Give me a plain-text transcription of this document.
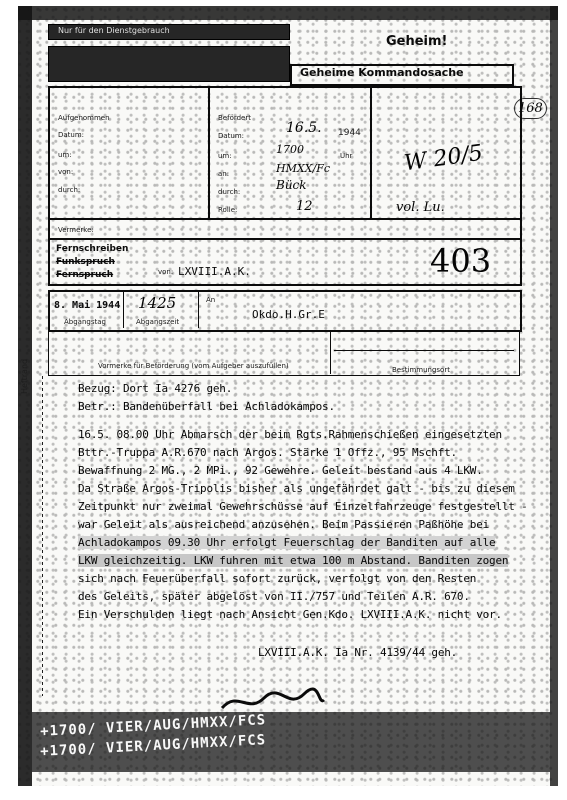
Nur für den Dienstgebrauch
Geheim!
Geheime Kommandosache
168
Aufgenommen
Datum:
um:
von:
durch:
Befördert
Datum:	16.5. 1944
um:	1700	Uhr
an:	HMXX/Fc
durch:	Bück
Rolle:	12
W 20/5
vol. Lu.
Vermerke:
Fernschreiben
Funkspruch
Fernspruch	von: LXVIII.A.K.	403
8. Mai 1944
Abgangstag
1425
Abgangszeit
An
Okdo.H.Gr.E
Vormerke für Beförderung (vom Aufgeber auszufüllen)	Bestimmungsort
Heftrand	Bezug: Dort Ia 4276 geh.
Betr.: Bandenüberfall bei Achladokampos.
16.5. 08.00 Uhr Abmarsch der beim Rgts.Rahmenschießen eingesetzten
Bttr.-Truppa A.R.670 nach Argos. Stärke 1 Offz., 95 Mschft.
Bewaffnung 2 MG., 2 MPi., 92 Gewehre. Geleit bestand aus 4 LKW.
Da Straße Argos-Tripolis bisher als ungefährdet galt - bis zu diesem
Zeitpunkt nur zweimal Gewehrschüsse auf Einzelfahrzeuge festgestellt -
war Geleit als ausreichend anzusehen. Beim Passieren Paßhöhe bei
Achladokampos 09.30 Uhr erfolgt Feuerschlag der Banditen auf alle
LKW gleichzeitig. LKW fuhren mit etwa 100 m Abstand. Banditen zogen
sich nach Feuerüberfall sofort zurück, verfolgt von den Resten
des Geleits, später abgelöst von II./757 und Teilen A.R. 670.
Ein Verschulden liegt nach Ansicht Gen.Kdo. LXVIII.A.K. nicht vor.
LXVIII.A.K. Ia Nr. 4139/44 geh.
+1700/ VIER/AUG/HMXX/FCS
+1700/ VIER/AUG/HMXX/FCS
